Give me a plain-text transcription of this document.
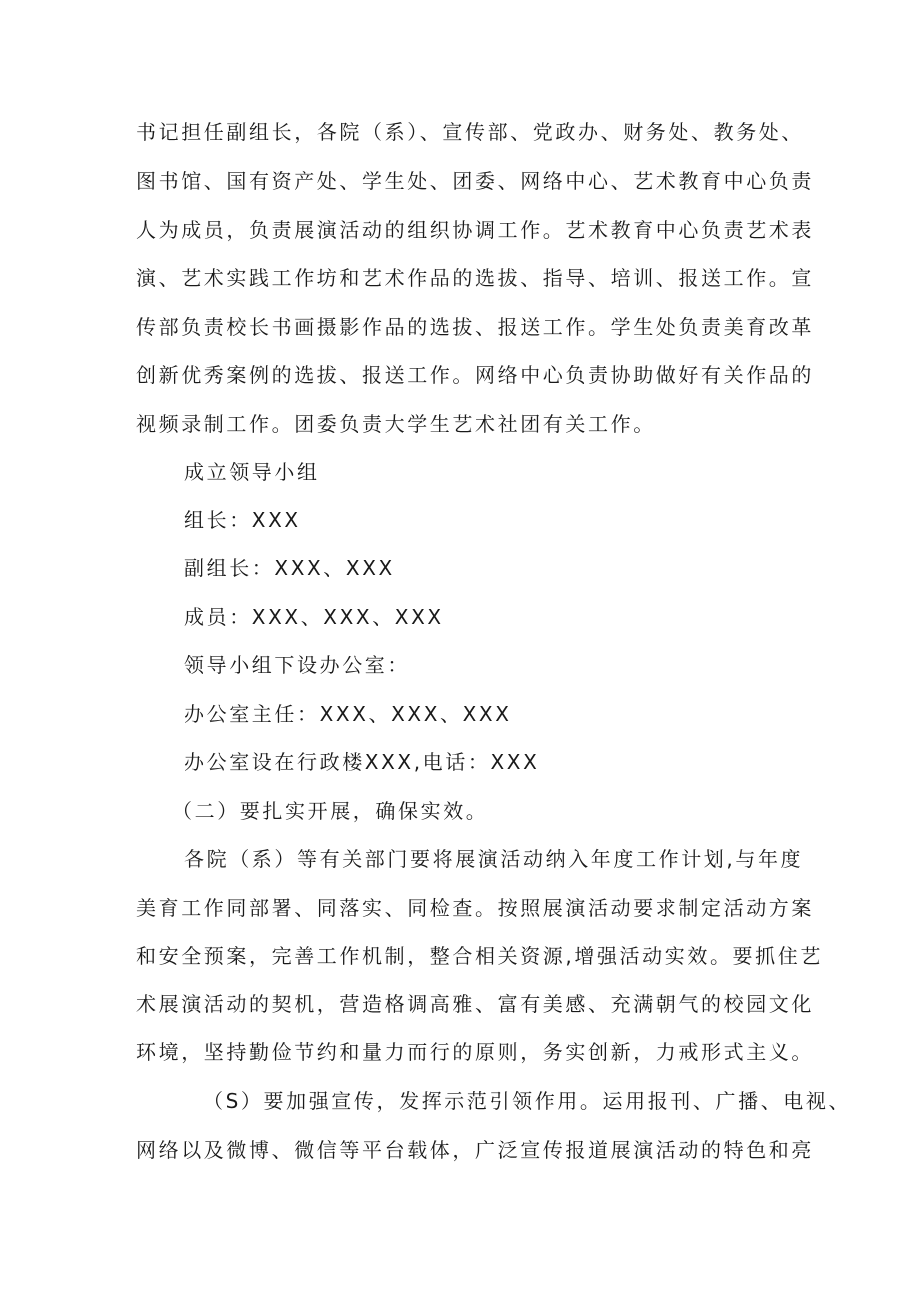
书记担任副组长，各院（系）、宣传部、党政办、财务处、教务处、
图书馆、国有资产处、学生处、团委、网络中心、艺术教育中心负责
人为成员，负责展演活动的组织协调工作。艺术教育中心负责艺术表
演、艺术实践工作坊和艺术作品的选拔、指导、培训、报送工作。宣
传部负责校长书画摄影作品的选拔、报送工作。学生处负责美育改革
创新优秀案例的选拔、报送工作。网络中心负责协助做好有关作品的
视频录制工作。团委负责大学生艺术社团有关工作。
成立领导小组
组长：XXX
副组长：XXX、XXX
成员：XXX、XXX、XXX
领导小组下设办公室：
办公室主任：XXX、XXX、XXX
办公室设在行政楼XXX,电话：XXX
（二）要扎实开展，确保实效。
各院（系）等有关部门要将展演活动纳入年度工作计划,与年度
美育工作同部署、同落实、同检查。按照展演活动要求制定活动方案
和安全预案，完善工作机制，整合相关资源,增强活动实效。要抓住艺
术展演活动的契机，营造格调高雅、富有美感、充满朝气的校园文化
环境，坚持勤俭节约和量力而行的原则，务实创新，力戒形式主义。
（S）要加强宣传，发挥示范引领作用。运用报刊、广播、电视、
网络以及微博、微信等平台载体，广泛宣传报道展演活动的特色和亮
